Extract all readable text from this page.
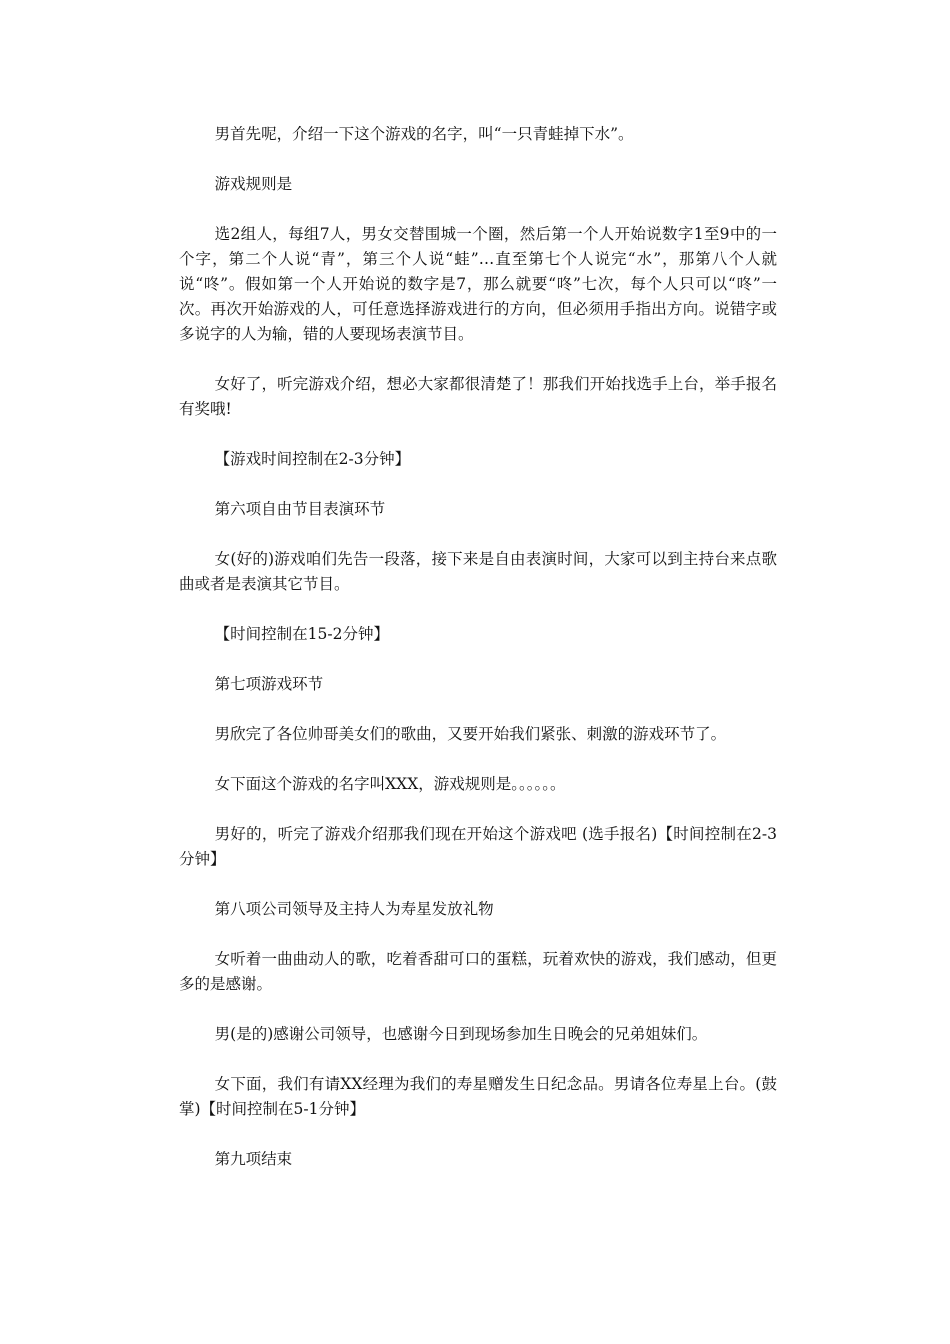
男首先呢，介绍一下这个游戏的名字，叫“一只青蛙掉下水”。

游戏规则是

选2组人，每组7人，男女交替围城一个圈，然后第一个人开始说数字1至9中的一个字，第二个人说“青”，第三个人说“蛙”…直至第七个人说完“水”，那第八个人就说“咚”。假如第一个人开始说的数字是7，那么就要“咚”七次，每个人只可以“咚”一次。再次开始游戏的人，可任意选择游戏进行的方向，但必须用手指出方向。说错字或多说字的人为输，错的人要现场表演节目。

女好了，听完游戏介绍，想必大家都很清楚了！那我们开始找选手上台，举手报名有奖哦!

【游戏时间控制在2-3分钟】

第六项自由节目表演环节

女(好的)游戏咱们先告一段落，接下来是自由表演时间，大家可以到主持台来点歌曲或者是表演其它节目。

【时间控制在15-2分钟】

第七项游戏环节

男欣完了各位帅哥美女们的歌曲，又要开始我们紧张、刺激的游戏环节了。

女下面这个游戏的名字叫XXX，游戏规则是。。。。。。

男好的，听完了游戏介绍那我们现在开始这个游戏吧 (选手报名)【时间控制在2-3分钟】

第八项公司领导及主持人为寿星发放礼物

女听着一曲曲动人的歌，吃着香甜可口的蛋糕，玩着欢快的游戏，我们感动，但更多的是感谢。

男(是的)感谢公司领导，也感谢今日到现场参加生日晚会的兄弟姐妹们。

女下面，我们有请XX经理为我们的寿星赠发生日纪念品。男请各位寿星上台。(鼓掌)【时间控制在5-1分钟】

第九项结束
